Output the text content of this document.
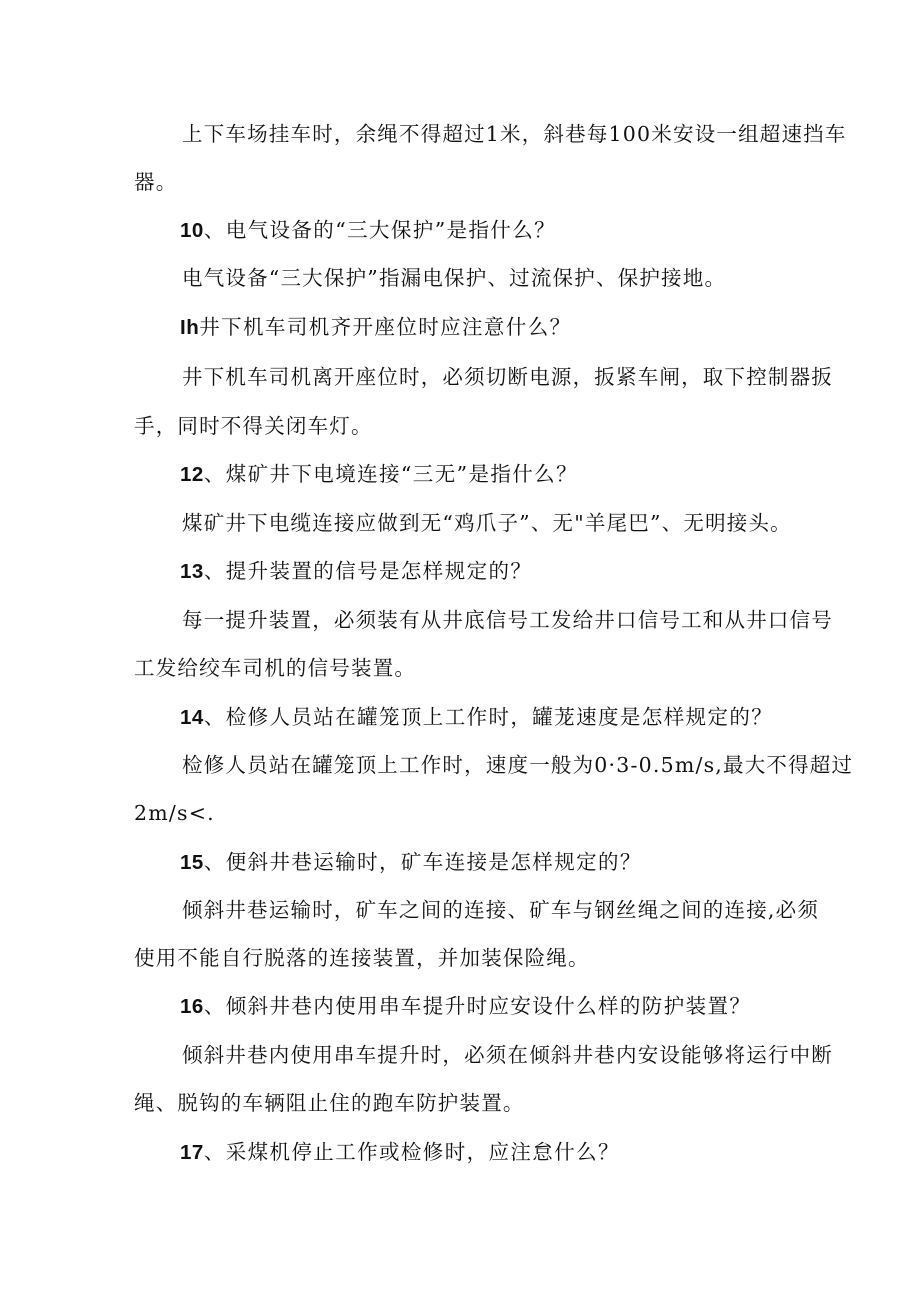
上下车场挂车时，余绳不得超过1米，斜巷每100米安设一组超速挡车
器。
10、电气设备的“三大保护”是指什么？
电气设备“三大保护”指漏电保护、过流保护、保护接地。
Ih井下机车司机齐开座位时应注意什么？
井下机车司机离开座位时，必须切断电源，扳紧车闸，取下控制器扳
手，同时不得关闭车灯。
12、煤矿井下电境连接“三无”是指什么？
煤矿井下电缆连接应做到无“鸡爪子”、无"羊尾巴”、无明接头。
13、提升装置的信号是怎样规定的？
每一提升装置，必须装有从井底信号工发给井口信号工和从井口信号
工发给绞车司机的信号装置。
14、检修人员站在罐笼顶上工作时，罐茏速度是怎样规定的？
检修人员站在罐笼顶上工作时，速度一般为0·3-0.5m∕s,最大不得超过
2m∕s<.
15、便斜井巷运输时，矿车连接是怎样规定的？
倾斜井巷运输时，矿车之间的连接、矿车与钢丝绳之间的连接,必须
使用不能自行脱落的连接装置，并加装保险绳。
16、倾斜井巷内使用串车提升时应安设什么样的防护装置？
倾斜井巷内使用串车提升时，必须在倾斜井巷内安设能够将运行中断
绳、脱钩的车辆阻止住的跑车防护装置。
17、采煤机停止工作或检修时，应注怠什么？
